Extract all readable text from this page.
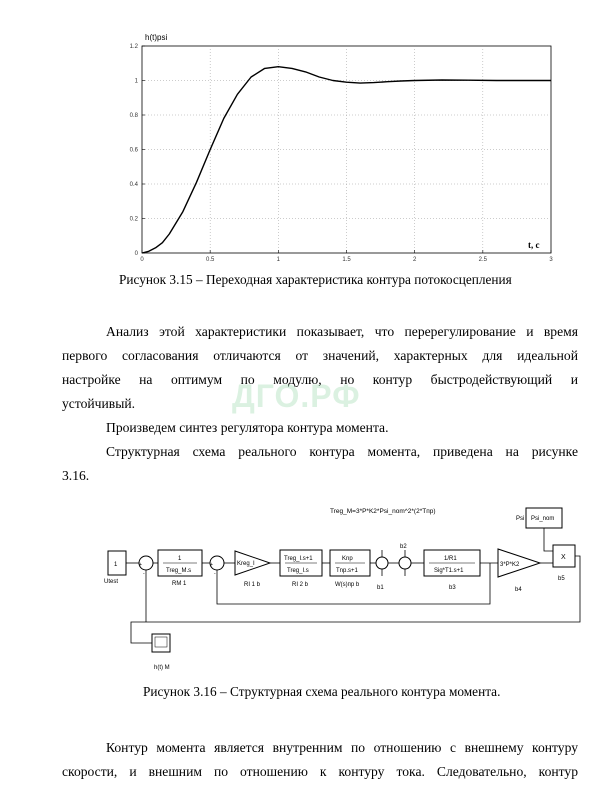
0	0.5	1	1.5	2	2.5	3
0
0.2
0.4
0.6
0.8
1
1.2
h(t)psi
t, c
Treg_M=3*P*K2*Psi_nom^2*(2*Tпр)
1
Utest
+
-
1
Treg_M.s
RM 1
+
-
Kreg_I
RI 1 b
Treg_I.s+1
Treg_I.s
RI 2 b
Knp
Tnp.s+1
W(s)пр b	b1
b2
1/R1
Sig*T1.s+1
b3
3*P*K2
b4
Psi_nom
Psi
X
b5
h(t) M
Рисунок 3.15 – Переходная характеристика контура потокосцепления
Анализ этой характеристики показывает, что перерегулирование и время
первого согласования отличаются от значений, характерных для идеальной
настройке на оптимум по модулю, но контур быстродействующий и
устойчивый.
Произведем синтез регулятора контура момента.
Структурная схема реального контура момента, приведена на рисунке
3.16.
ДГО.РФ
Рисунок 3.16 – Структурная схема реального контура момента.
Контур момента является внутренним по отношению с внешнему контуру
скорости, и внешним по отношению к контуру тока. Следовательно, контур
